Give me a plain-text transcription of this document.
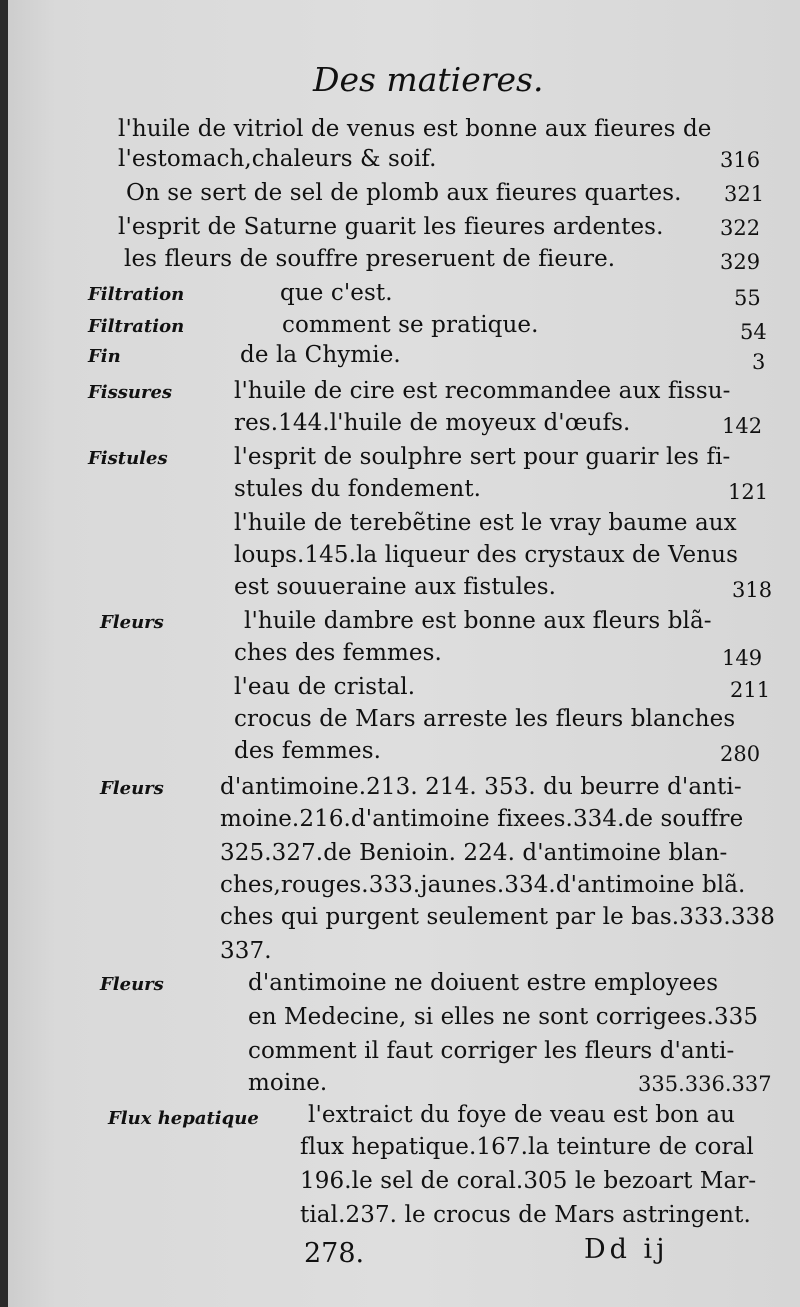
Des matieres.
l'huile de vitriol de venus est bonne aux fieures de
l'estomach,chaleurs & soif.	316
On se sert de sel de plomb aux fieures quartes. 321
l'esprit de Saturne guarit les fieures ardentes.	322
les fleurs de souffre preseruent de fieure.	329
Filtration	que c'est.	55
Filtration	comment se pratique.	54
Fin	de la Chymie.	3
Fissures	l'huile de cire est recommandee aux fissu-
res.144.l'huile de moyeux d'œufs.	142
Fistules	l'esprit de soulphre sert pour guarir les fi-
stules du fondement.	121
l'huile de terebẽtine est le vray baume aux
loups.145.la liqueur des crystaux de Venus
est souueraine aux fistules.	318
Fleurs	l'huile dambre est bonne aux fleurs blã-
ches des femmes.	149
l'eau de cristal.	211
crocus de Mars arreste les fleurs blanches
des femmes.	280
Fleurs d'antimoine.213. 214. 353. du beurre d'anti-
moine.216.d'antimoine fixees.334.de souffre
325.327.de Benioin. 224. d'antimoine blan-
ches,rouges.333.jaunes.334.d'antimoine blã.
ches qui purgent seulement par le bas.333.338
337.
Fleurs	d'antimoine ne doiuent estre employees
en Medecine, si elles ne sont corrigees.335
comment il faut corriger les fleurs d'anti-
moine.	335.336.337
Flux hepatique l'extraict du foye de veau est bon au
flux hepatique.167.la teinture de coral
196.le sel de coral.305 le bezoart Mar-
tial.237. le crocus de Mars astringent.
278.	Dd ij
